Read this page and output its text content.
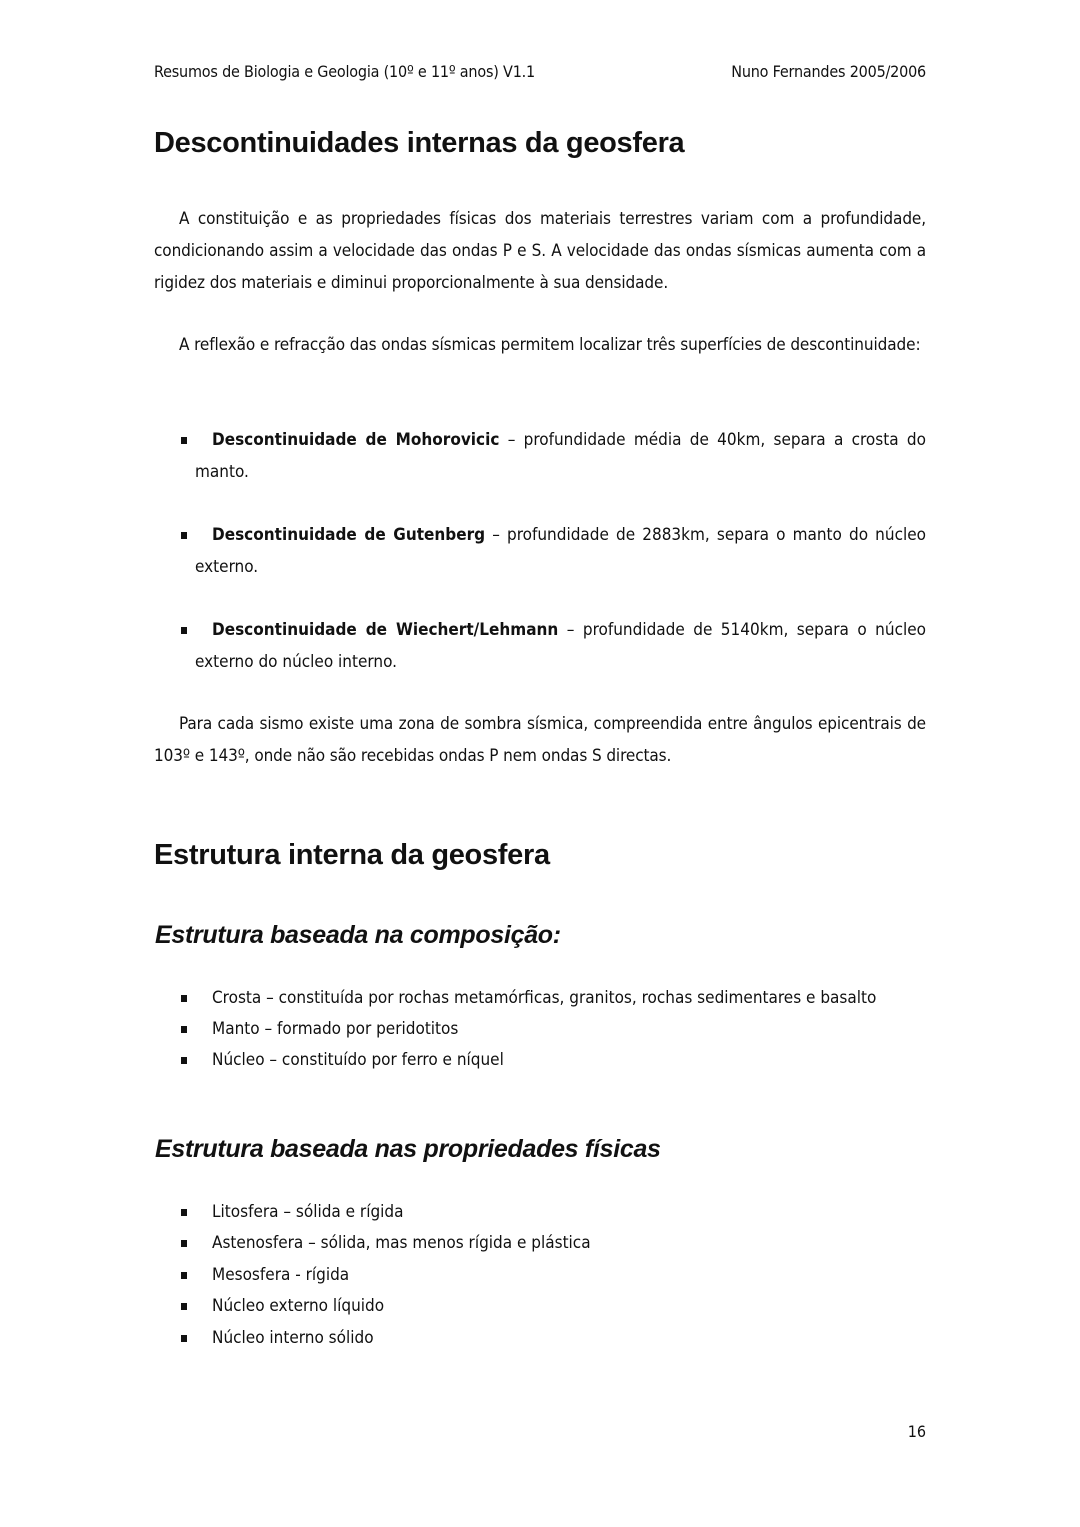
Resumos de Biologia e Geologia (10º e 11º anos) V1.1	Nuno Fernandes 2005/2006
Descontinuidades internas da geosfera

A constituição e as propriedades físicas dos materiais terrestres variam com a profundidade, condicionando assim a velocidade das ondas P e S. A velocidade das ondas sísmicas aumenta com a rigidez dos materiais e diminui proporcionalmente à sua densidade.

A reflexão e refracção das ondas sísmicas permitem localizar três superfícies de descontinuidade:

Descontinuidade de Mohorovicic – profundidade média de 40km, separa a crosta do manto.
Descontinuidade de Gutenberg – profundidade de 2883km, separa o manto do núcleo externo.
Descontinuidade de Wiechert/Lehmann – profundidade de 5140km, separa o núcleo externo do núcleo interno.

Para cada sismo existe uma zona de sombra sísmica, compreendida entre ângulos epicentrais de 103º e 143º, onde não são recebidas ondas P nem ondas S directas.

Estrutura interna da geosfera
Estrutura baseada na composição:
Crosta – constituída por rochas metamórficas, granitos, rochas sedimentares e basalto
Manto – formado por peridotitos
Núcleo – constituído por ferro e níquel
Estrutura baseada nas propriedades físicas
Litosfera – sólida e rígida
Astenosfera – sólida, mas menos rígida e plástica
Mesosfera - rígida
Núcleo externo líquido
Núcleo interno sólido
16
